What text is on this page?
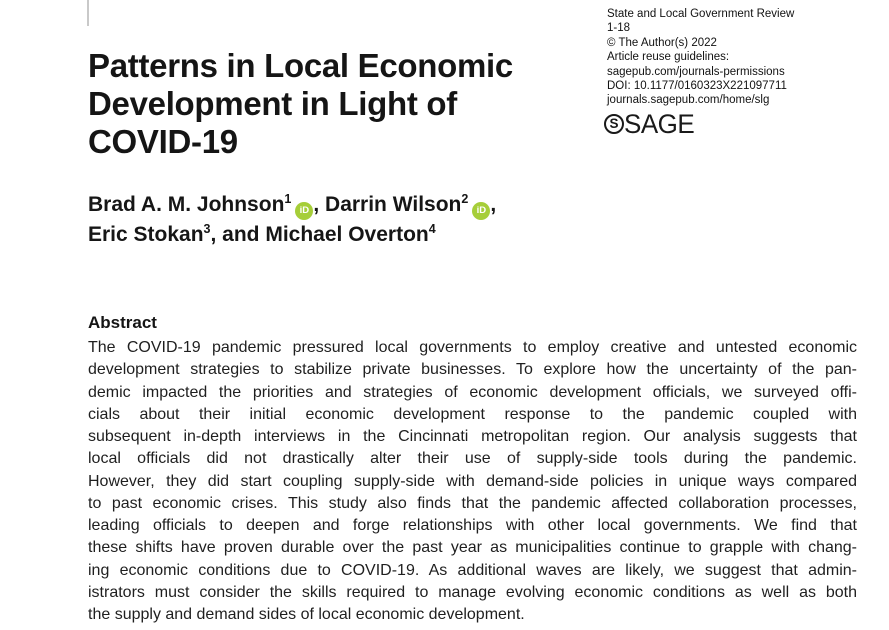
Patterns in Local Economic
Development in Light of
COVID-19
State and Local Government Review
1-18
© The Author(s) 2022
Article reuse guidelines:
sagepub.com/journals-permissions
DOI: 10.1177/0160323X221097711
journals.sagepub.com/home/slg
S SAGE
Brad A. M. Johnson$^1$iD , Darrin Wilson$^2$iD ,
Eric Stokan$^3$, and Michael Overton$^4$
Abstract
The COVID-19 pandemic pressured local governments to employ creative and untested economic
development strategies to stabilize private businesses. To explore how the uncertainty of the pan-
demic impacted the priorities and strategies of economic development officials, we surveyed offi-
cials about their initial economic development response to the pandemic coupled with
subsequent in-depth interviews in the Cincinnati metropolitan region. Our analysis suggests that
local officials did not drastically alter their use of supply-side tools during the pandemic.
However, they did start coupling supply-side with demand-side policies in unique ways compared
to past economic crises. This study also finds that the pandemic affected collaboration processes,
leading officials to deepen and forge relationships with other local governments. We find that
these shifts have proven durable over the past year as municipalities continue to grapple with chang-
ing economic conditions due to COVID-19. As additional waves are likely, we suggest that admin-
istrators must consider the skills required to manage evolving economic conditions as well as both
the supply and demand sides of local economic development.
